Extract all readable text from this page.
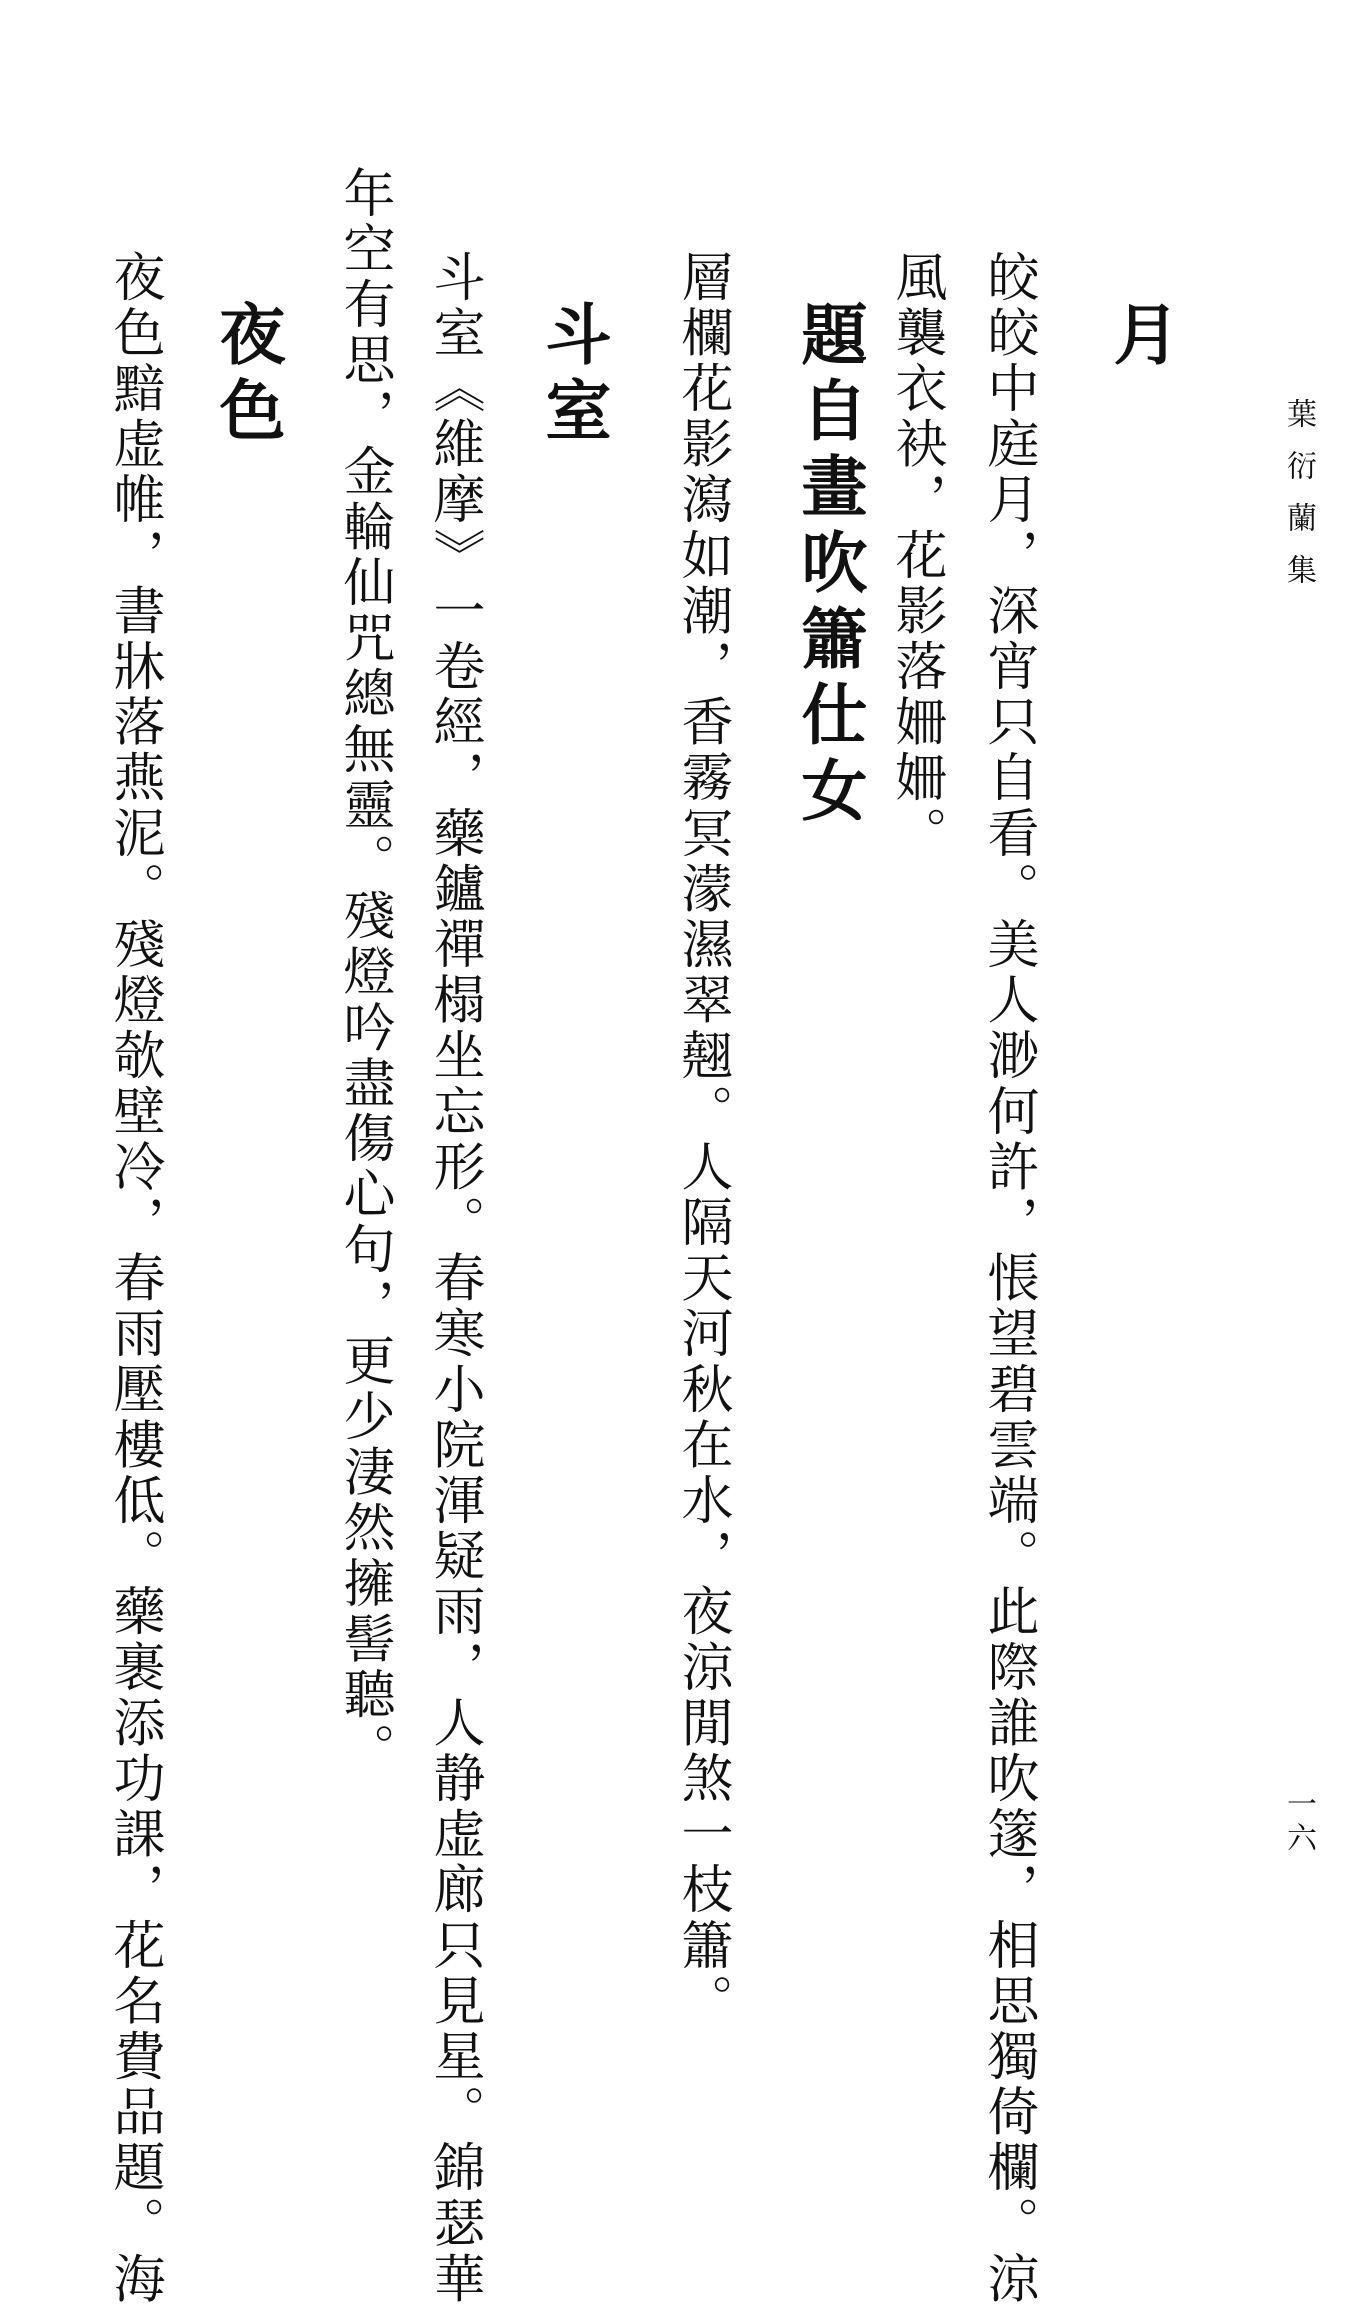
葉衍蘭集
一六
月
皎皎中庭月，深宵只自看。美人渺何許，悵望碧雲端。此際誰吹篴，相思獨倚欄。涼
風襲衣袂，花影落姍姍。
題自畫吹簫仕女
層欄花影瀉如潮，香霧冥濛濕翠翹。人隔天河秋在水，夜涼閒煞一枝簫。
斗室
斗室《維摩》一卷經，藥鑪禪榻坐忘形。春寒小院渾疑雨，人静虚廊只見星。錦瑟華
年空有思，金輪仙咒總無靈。殘燈吟盡傷心句，更少淒然擁髻聽。
夜色
夜色黯虚帷，書牀落燕泥。殘燈欹壁冷，春雨壓樓低。藥裹添功課，花名費品題。海
